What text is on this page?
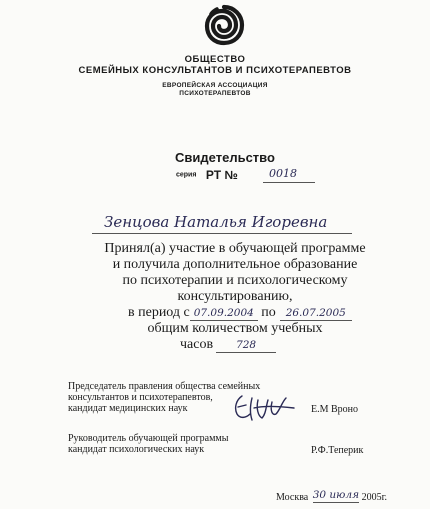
ОБЩЕСТВО
СЕМЕЙНЫХ КОНСУЛЬТАНТОВ И ПСИХОТЕРАПЕВТОВ
ЕВРОПЕЙСКАЯ АССОЦИАЦИЯ
ПСИХОТЕРАПЕВТОВ
Свидетельство
серия РТ №	0018
Зенцова Наталья Игоревна
Принял(а) участие в обучающей программе
и получила дополнительное образование
по психотерапии и психологическому
консультированию,
в период с 07.09.2004 по 26.07.2005
общим количеством учебных
часов 728
Председатель правления общества семейных
консультантов и психотерапевтов,
кандидат медицинских наук	Е.М Вроно
Руководитель обучающей программы
кандидат психологических наук	Р.Ф.Теперик
Москва 30 июля 2005г.
